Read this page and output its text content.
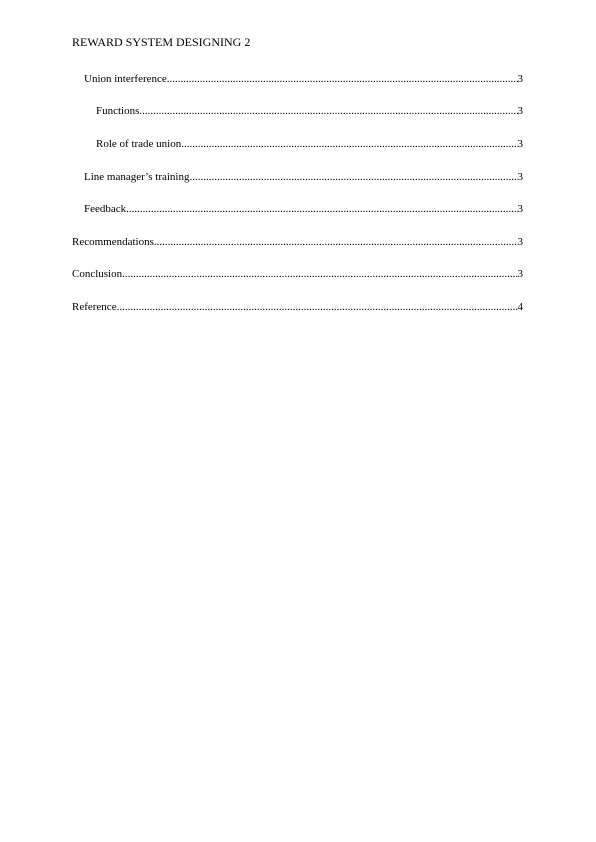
REWARD SYSTEM DESIGNING 2
Union interference .....	3
Functions .....	3
Role of trade union .....	3
Line manager’s training .....	3
Feedback .....	3
Recommendations .....	3
Conclusion .....	3
Reference .....	4
